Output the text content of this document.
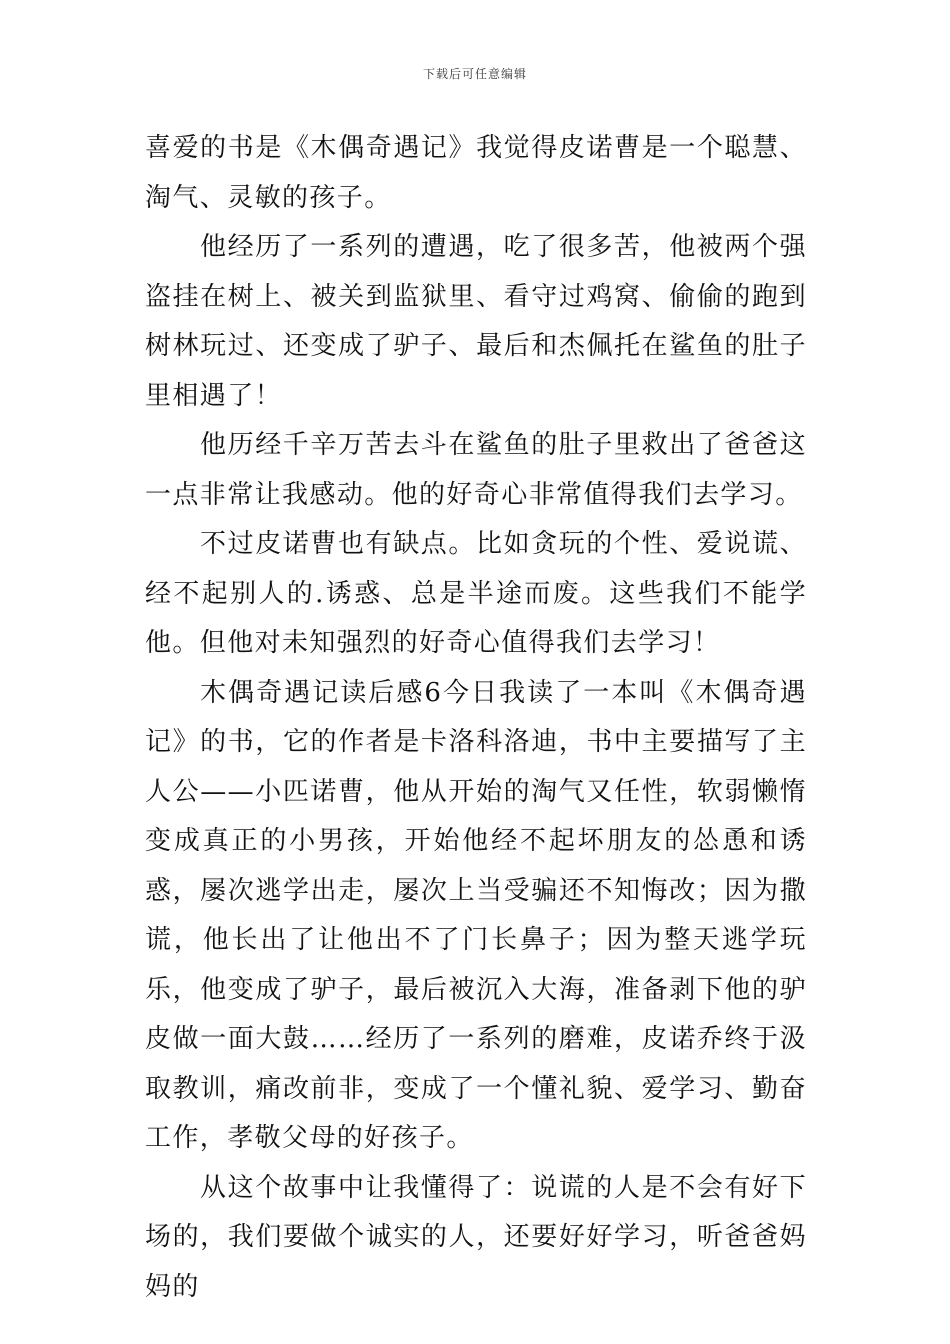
下载后可任意编辑

喜爱的书是《木偶奇遇记》我觉得皮诺曹是一个聪慧、淘气、灵敏的孩子。

他经历了一系列的遭遇，吃了很多苦，他被两个强盗挂在树上、被关到监狱里、看守过鸡窝、偷偷的跑到树林玩过、还变成了驴子、最后和杰佩托在鲨鱼的肚子里相遇了！

他历经千辛万苦去斗在鲨鱼的肚子里救出了爸爸这一点非常让我感动。他的好奇心非常值得我们去学习。

不过皮诺曹也有缺点。比如贪玩的个性、爱说谎、经不起别人的.诱惑、总是半途而废。这些我们不能学他。但他对未知强烈的好奇心值得我们去学习！

木偶奇遇记读后感6今日我读了一本叫《木偶奇遇记》的书，它的作者是卡洛科洛迪，书中主要描写了主人公——小匹诺曹，他从开始的淘气又任性，软弱懒惰变成真正的小男孩，开始他经不起坏朋友的怂恿和诱惑，屡次逃学出走，屡次上当受骗还不知悔改；因为撒谎，他长出了让他出不了门长鼻子；因为整天逃学玩乐，他变成了驴子，最后被沉入大海，准备剥下他的驴皮做一面大鼓……经历了一系列的磨难，皮诺乔终于汲取教训，痛改前非，变成了一个懂礼貌、爱学习、勤奋工作，孝敬父母的好孩子。

从这个故事中让我懂得了：说谎的人是不会有好下场的，我们要做个诚实的人，还要好好学习，听爸爸妈妈的
